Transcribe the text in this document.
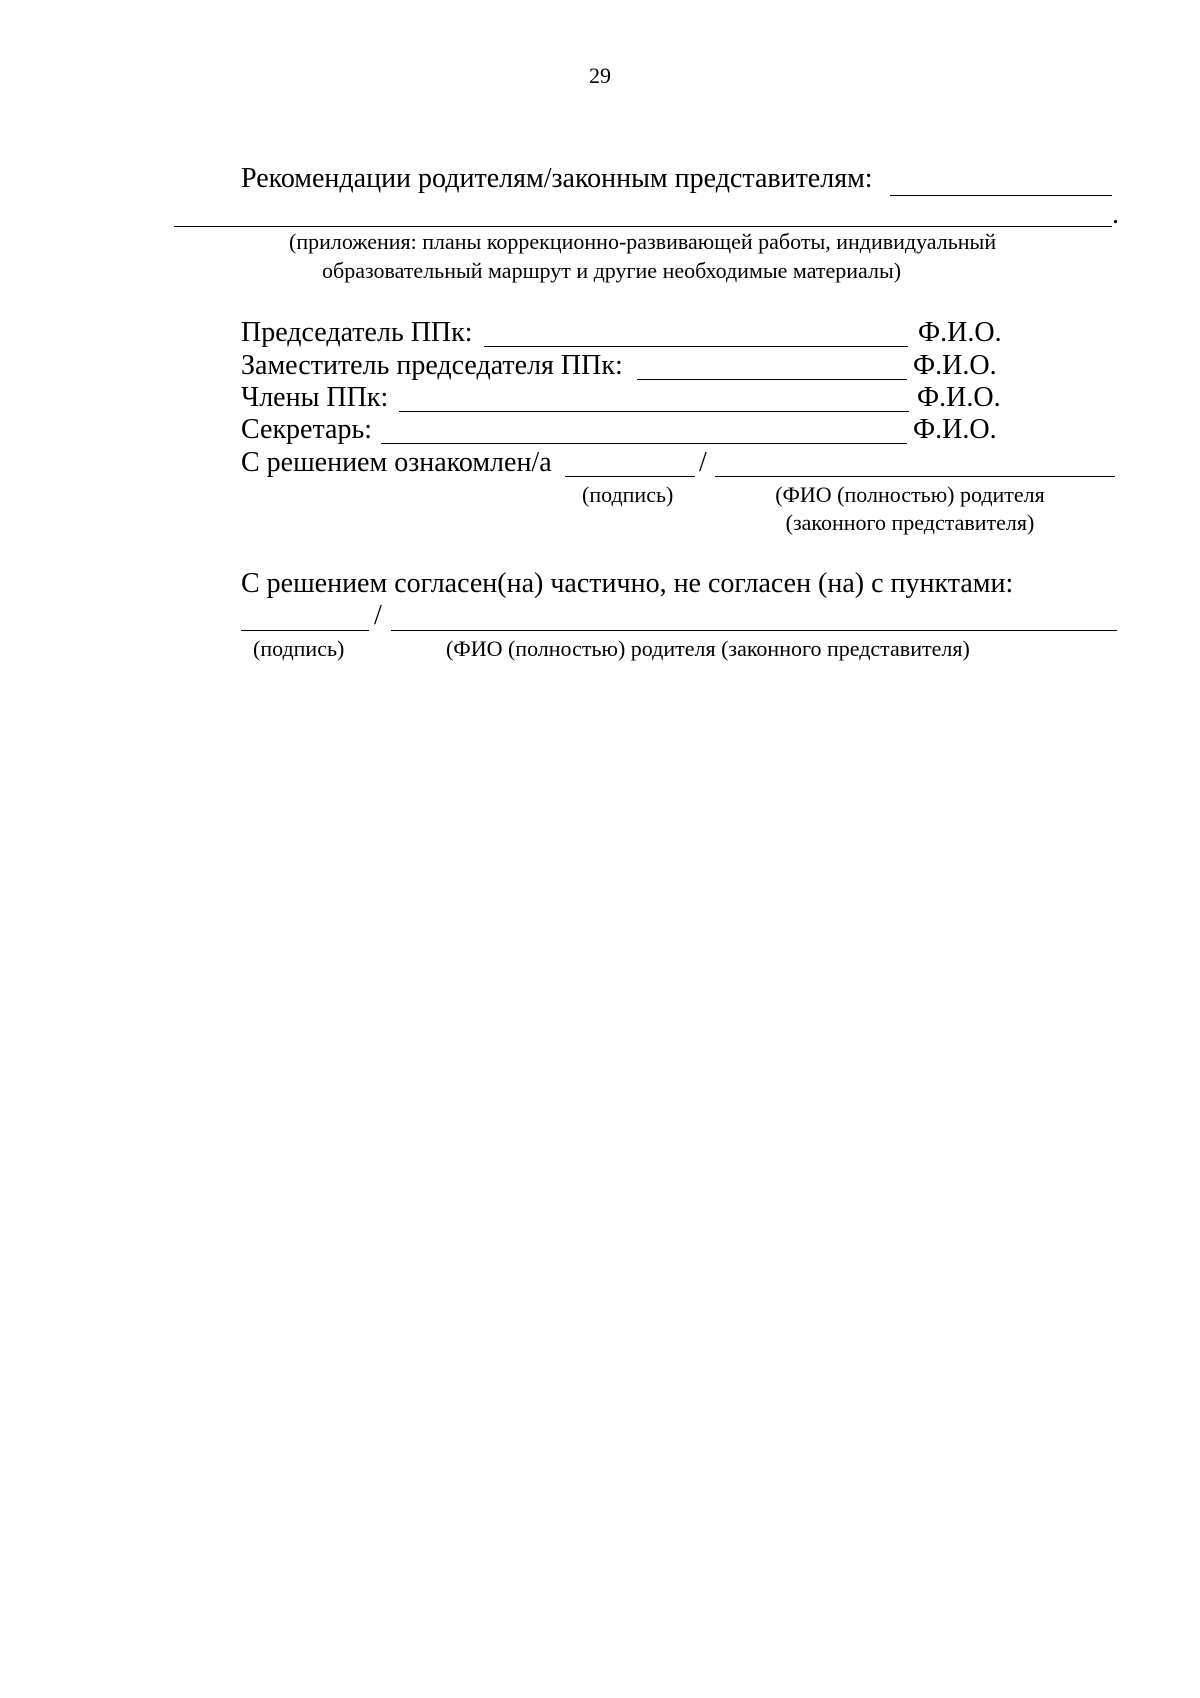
29
Рекомендации родителям/законным представителям:
.
(приложения: планы коррекционно-развивающей работы, индивидуальный
образовательный маршрут и другие необходимые материалы)
Председатель ППк:	Ф.И.О.
Заместитель председателя ППк:	Ф.И.О.
Члены ППк:	Ф.И.О.
Секретарь:	Ф.И.О.
С решением ознакомлен/а	/
(подпись)	(ФИО (полностью) родителя
(законного представителя)
С решением согласен(на) частично, не согласен (на) с пунктами:
/
(подпись)	(ФИО (полностью) родителя (законного представителя)
